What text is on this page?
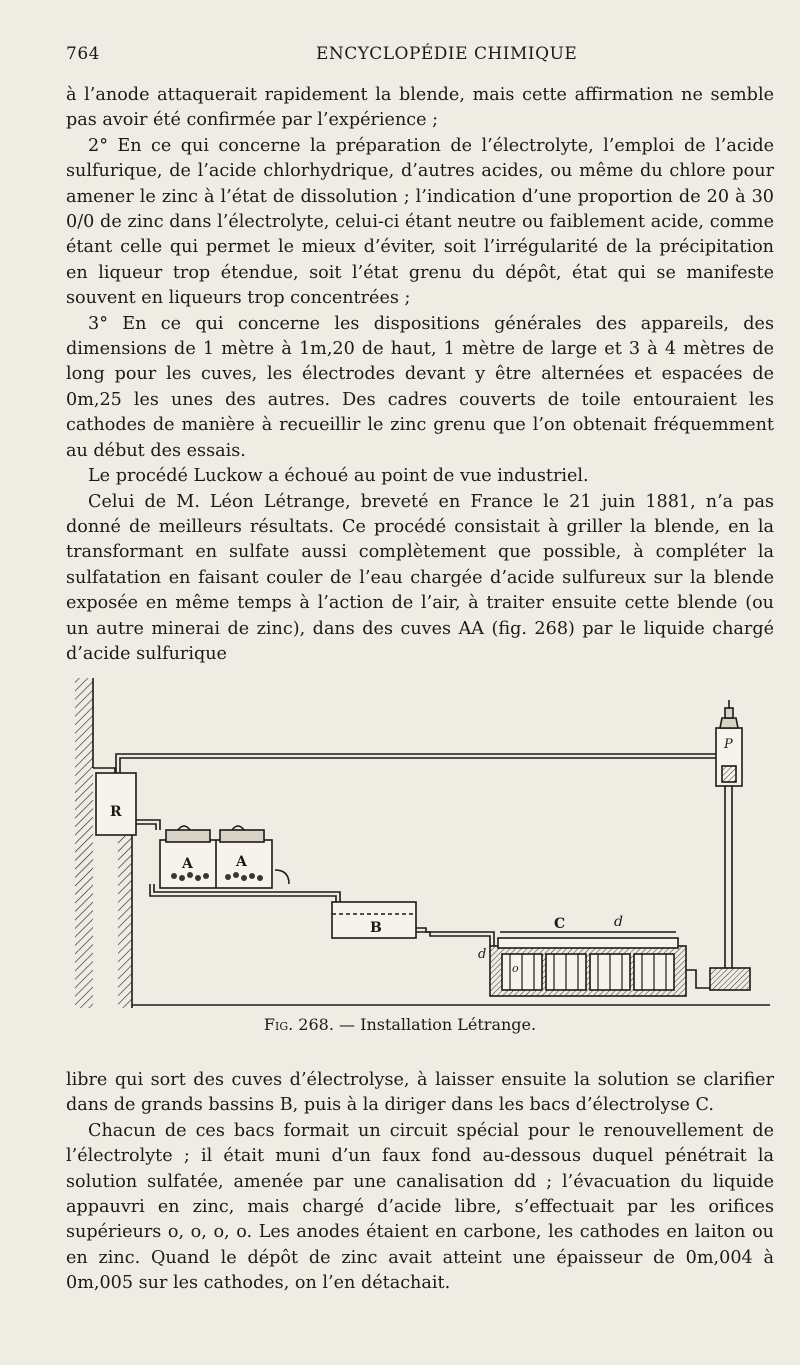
764	ENCYCLOPÉDIE CHIMIQUE

à l’anode attaquerait rapidement la blende, mais cette affirmation ne semble pas avoir été confirmée par l’expérience ;

2° En ce qui concerne la préparation de l’électrolyte, l’emploi de l’acide sulfurique, de l’acide chlorhydrique, d’autres acides, ou même du chlore pour amener le zinc à l’état de dissolution ; l’indication d’une proportion de 20 à 30 0/0 de zinc dans l’électrolyte, celui-ci étant neutre ou faiblement acide, comme étant celle qui permet le mieux d’éviter, soit l’irrégularité de la précipitation en liqueur trop étendue, soit l’état grenu du dépôt, état qui se manifeste souvent en liqueurs trop concentrées ;

3° En ce qui concerne les dispositions générales des appareils, des dimensions de 1 mètre à 1m,20 de haut, 1 mètre de large et 3 à 4 mètres de long pour les cuves, les électrodes devant y être alternées et espacées de 0m,25 les unes des autres. Des cadres couverts de toile entouraient les cathodes de manière à recueillir le zinc grenu que l’on obtenait fréquemment au début des essais.

Le procédé Luckow a échoué au point de vue industriel.

Celui de M. Léon Létrange, breveté en France le 21 juin 1881, n’a pas donné de meilleurs résultats. Ce procédé consistait à griller la blende, en la transformant en sulfate aussi complètement que possible, à compléter la sulfatation en faisant couler de l’eau chargée d’acide sulfureux sur la blende exposée en même temps à l’action de l’air, à traiter ensuite cette blende (ou un autre minerai de zinc), dans des cuves AA (fig. 268) par le liquide chargé d’acide sulfurique

R
P
A	A
B	C	d
d
o
Fig. 268. — Installation Létrange.

libre qui sort des cuves d’électrolyse, à laisser ensuite la solution se clarifier dans de grands bassins B, puis à la diriger dans les bacs d’électrolyse C.

Chacun de ces bacs formait un circuit spécial pour le renouvellement de l’électrolyte ; il était muni d’un faux fond au-dessous duquel pénétrait la solution sulfatée, amenée par une canalisation dd ; l’évacuation du liquide appauvri en zinc, mais chargé d’acide libre, s’effectuait par les orifices supérieurs o, o, o, o. Les anodes étaient en carbone, les cathodes en laiton ou en zinc. Quand le dépôt de zinc avait atteint une épaisseur de 0m,004 à 0m,005 sur les cathodes, on l’en détachait.
